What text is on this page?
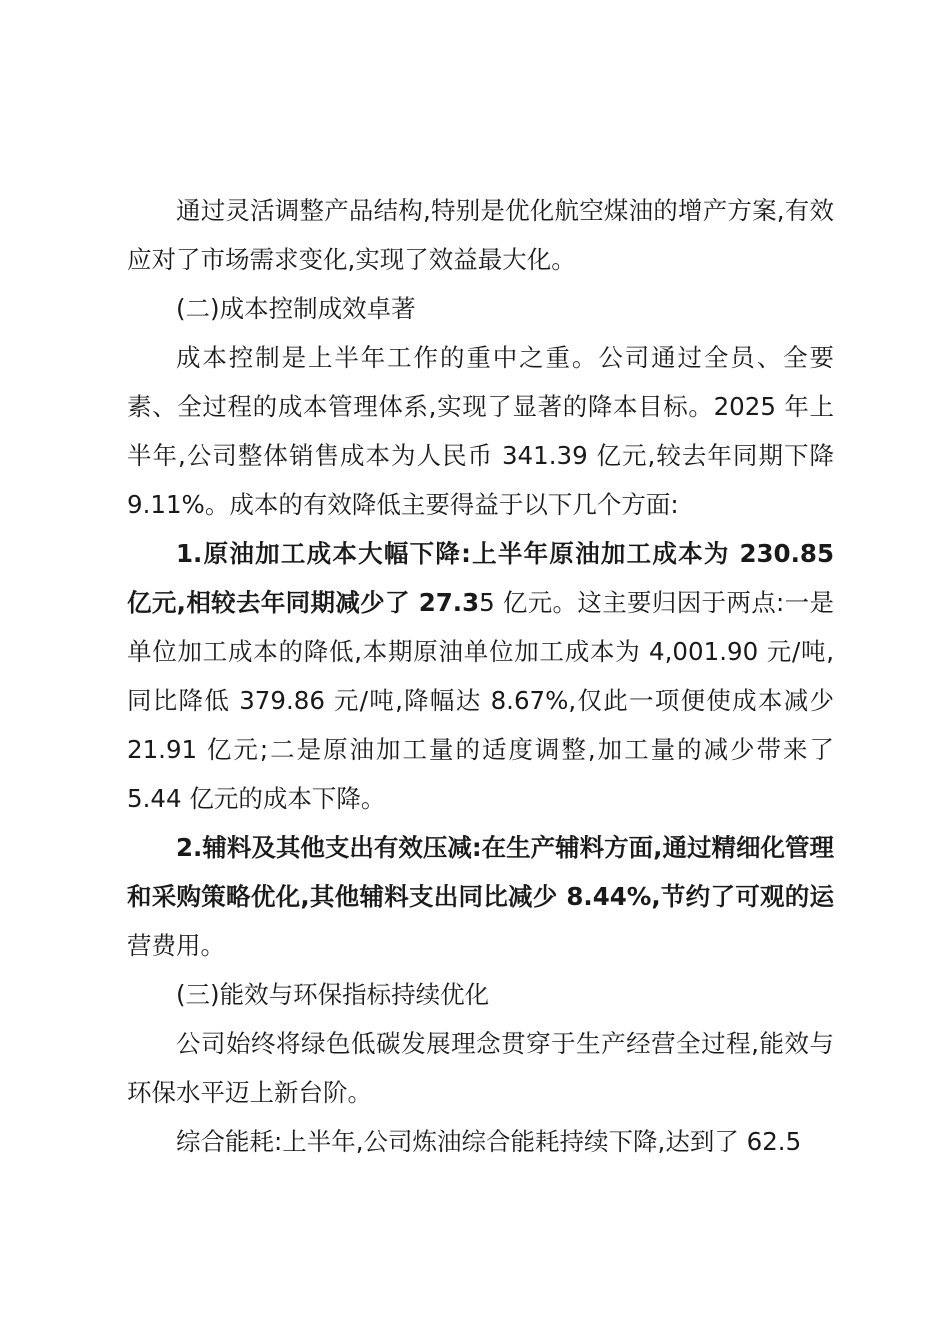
通过灵活调整产品结构,特别是优化航空煤油的增产方案,有效应对了市场需求变化,实现了效益最大化。

(二)成本控制成效卓著

成本控制是上半年工作的重中之重。公司通过全员、全要素、全过程的成本管理体系,实现了显著的降本目标。2025 年上半年,公司整体销售成本为人民币 341.39 亿元,较去年同期下降 9.11%。成本的有效降低主要得益于以下几个方面:

1.原油加工成本大幅下降:上半年原油加工成本为 230.85 亿元,相较去年同期减少了 27.35 亿元。这主要归因于两点:一是单位加工成本的降低,本期原油单位加工成本为 4,001.90 元/吨,同比降低 379.86 元/吨,降幅达 8.67%,仅此一项便使成本减少 21.91 亿元;二是原油加工量的适度调整,加工量的减少带来了 5.44 亿元的成本下降。

2.辅料及其他支出有效压减:在生产辅料方面,通过精细化管理和采购策略优化,其他辅料支出同比减少 8.44%,节约了可观的运营费用。

(三)能效与环保指标持续优化

公司始终将绿色低碳发展理念贯穿于生产经营全过程,能效与环保水平迈上新台阶。

综合能耗:上半年,公司炼油综合能耗持续下降,达到了 62.5
